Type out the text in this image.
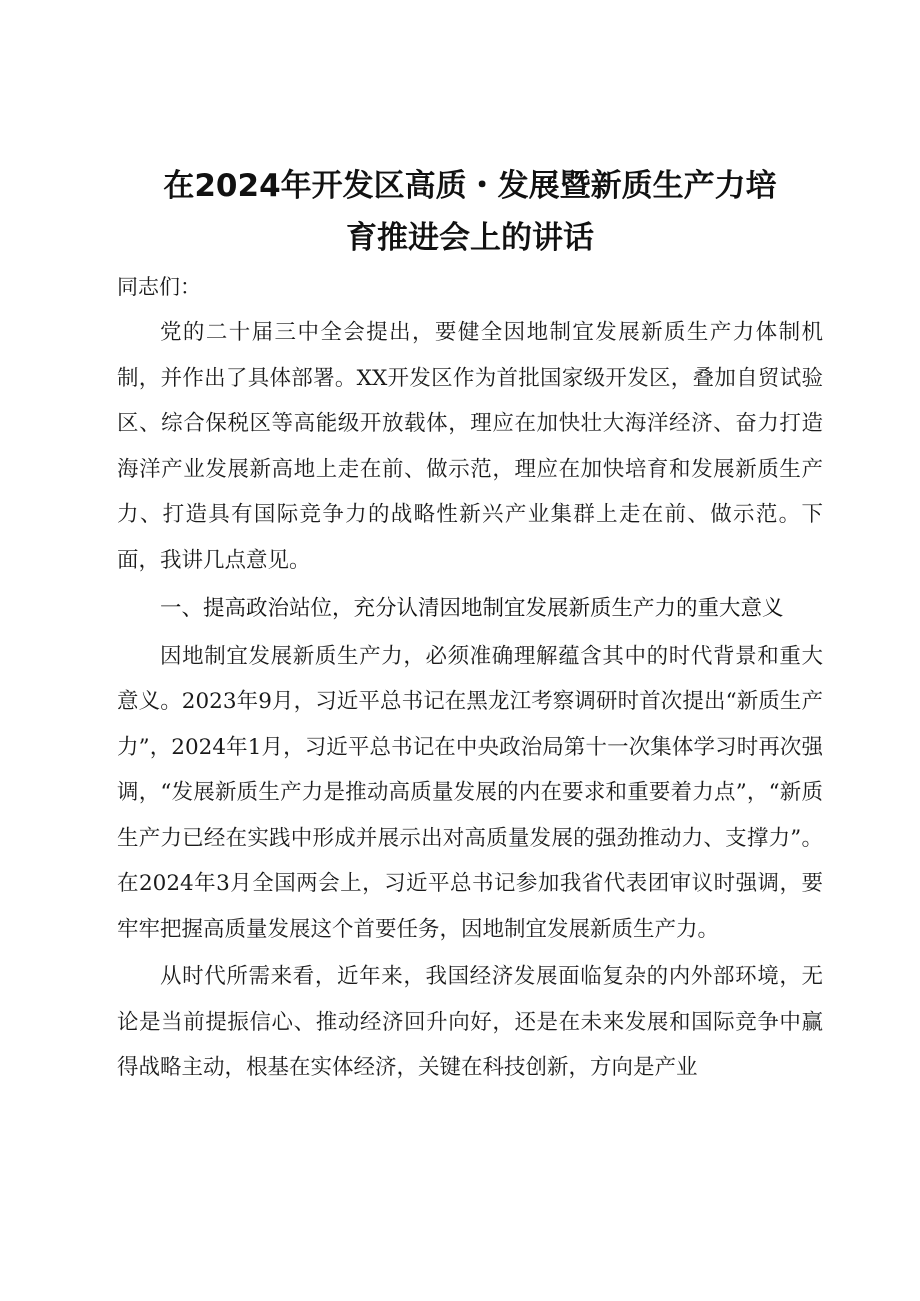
在2024年开发区高质・发展暨新质生产力培
育推进会上的讲话

同志们：

党的二十届三中全会提出，要健全因地制宜发展新质生产力体制机制，并作出了具体部署。XX开发区作为首批国家级开发区，叠加自贸试验区、综合保税区等高能级开放载体，理应在加快壮大海洋经济、奋力打造海洋产业发展新高地上走在前、做示范，理应在加快培育和发展新质生产力、打造具有国际竞争力的战略性新兴产业集群上走在前、做示范。下面，我讲几点意见。

一、提高政治站位，充分认清因地制宜发展新质生产力的重大意义

因地制宜发展新质生产力，必须准确理解蕴含其中的时代背景和重大意义。2023年9月，习近平总书记在黑龙江考察调研时首次提出“新质生产力”，2024年1月，习近平总书记在中央政治局第十一次集体学习时再次强调，“发展新质生产力是推动高质量发展的内在要求和重要着力点”，“新质生产力已经在实践中形成并展示出对高质量发展的强劲推动力、支撑力”。在2024年3月全国两会上，习近平总书记参加我省代表团审议时强调，要牢牢把握高质量发展这个首要任务，因地制宜发展新质生产力。

从时代所需来看，近年来，我国经济发展面临复杂的内外部环境，无论是当前提振信心、推动经济回升向好，还是在未来发展和国际竞争中赢得战略主动，根基在实体经济，关键在科技创新，方向是产业
